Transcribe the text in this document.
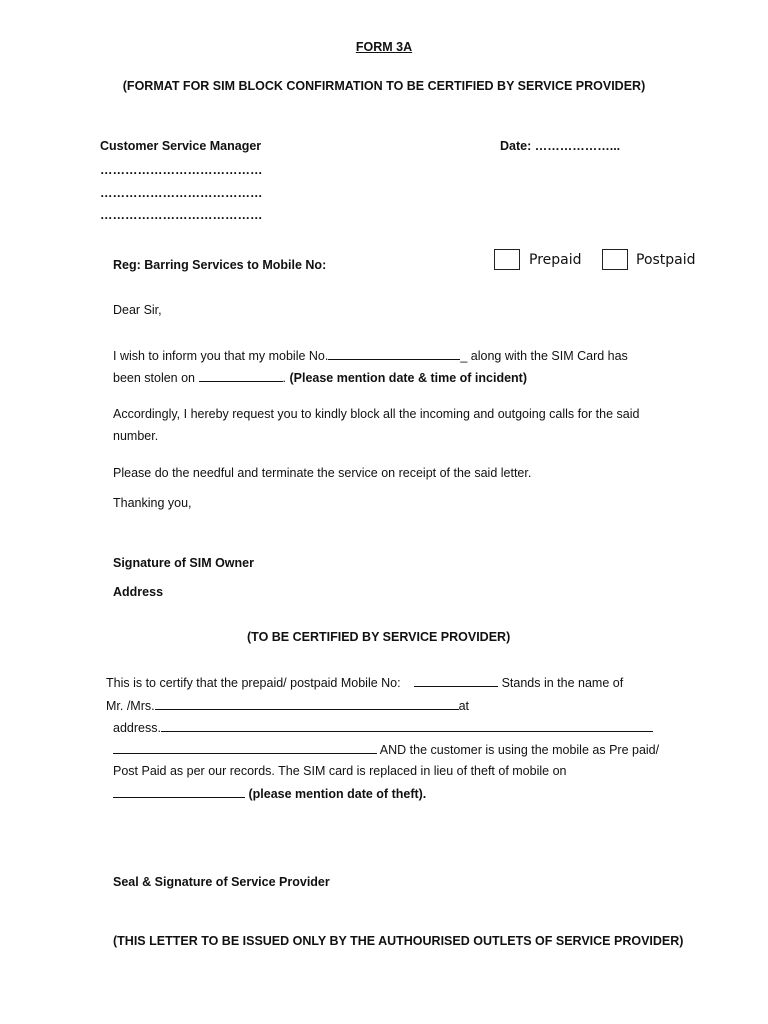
FORM 3A
(FORMAT FOR SIM BLOCK CONFIRMATION TO BE CERTIFIED BY SERVICE PROVIDER)
Customer Service Manager	Date: ………………...
…………………………………
…………………………………
…………………………………
Reg: Barring Services to Mobile No:	Prepaid	Postpaid
Dear Sir,
I wish to inform you that my mobile No.	_ along with the SIM Card has
been stolen on	. (Please mention date & time of incident)
Accordingly, I hereby request you to kindly block all the incoming and outgoing calls for the said
number.
Please do the needful and terminate the service on receipt of the said letter.
Thanking you,
Signature of SIM Owner
Address
(TO BE CERTIFIED BY SERVICE PROVIDER)
This is to certify that the prepaid/ postpaid Mobile No:	Stands in the name of
Mr. /Mrs.	at
address.
AND the customer is using the mobile as Pre paid/
Post Paid as per our records. The SIM card is replaced in lieu of theft of mobile on
(please mention date of theft).
Seal & Signature of Service Provider
(THIS LETTER TO BE ISSUED ONLY BY THE AUTHOURISED OUTLETS OF SERVICE PROVIDER)
